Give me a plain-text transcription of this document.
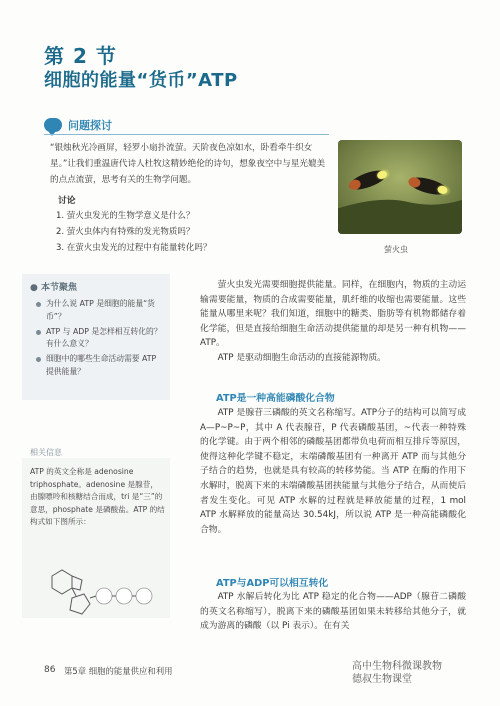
第 2 节
细胞的能量“货币”ATP
问题探讨
“银烛秋光冷画屏，轻罗小扇扑流萤。天阶夜色凉如水，卧看牵牛织女星。”让我们重温唐代诗人杜牧这精妙绝伦的诗句，想象夜空中与星光媲美的点点流萤，思考有关的生物学问题。
讨论
1. 萤火虫发光的生物学意义是什么？
2. 萤火虫体内有特殊的发光物质吗？
3. 在萤火虫发光的过程中有能量转化吗？	萤火虫
● 本节聚焦
为什么说 ATP 是细胞的能量“货币”？
ATP 与 ADP 是怎样相互转化的？有什么意义？
细胞中的哪些生命活动需要 ATP 提供能量？
相关信息
ATP 的英文全称是 adenosine triphosphate。adenosine 是腺苷，由腺嘌呤和核糖结合而成，tri 是“三”的意思，phosphate 是磷酸盐。ATP 的结构式如下图所示：

萤火虫发光需要细胞提供能量。同样，在细胞内，物质的主动运输需要能量，物质的合成需要能量，肌纤维的收缩也需要能量。这些能量从哪里来呢？我们知道，细胞中的糖类、脂肪等有机物都储存着化学能，但是直接给细胞生命活动提供能量的却是另一种有机物——ATP。

ATP 是驱动细胞生命活动的直接能源物质。

ATP是一种高能磷酸化合物

ATP 是腺苷三磷酸的英文名称缩写。ATP分子的结构可以简写成 A—P~P~P，其中 A 代表腺苷，P 代表磷酸基团，~代表一种特殊的化学键。由于两个相邻的磷酸基团都带负电荷而相互排斥等原因，使得这种化学键不稳定，末端磷酸基团有一种离开 ATP 而与其他分子结合的趋势，也就是具有较高的转移势能。当 ATP 在酶的作用下水解时，脱离下来的末端磷酸基团挟能量与其他分子结合，从而使后者发生变化。可见 ATP 水解的过程就是释放能量的过程，1 mol ATP 水解释放的能量高达 30.54kJ，所以说 ATP 是一种高能磷酸化合物。

ATP与ADP可以相互转化

ATP 水解后转化为比 ATP 稳定的化合物——ADP（腺苷二磷酸的英文名称缩写），脱离下来的磷酸基团如果未转移给其他分子，就成为游离的磷酸（以 Pi 表示）。在有关

86 第5章 细胞的能量供应和利用	高中生物科微课教物
德叔生物课堂
